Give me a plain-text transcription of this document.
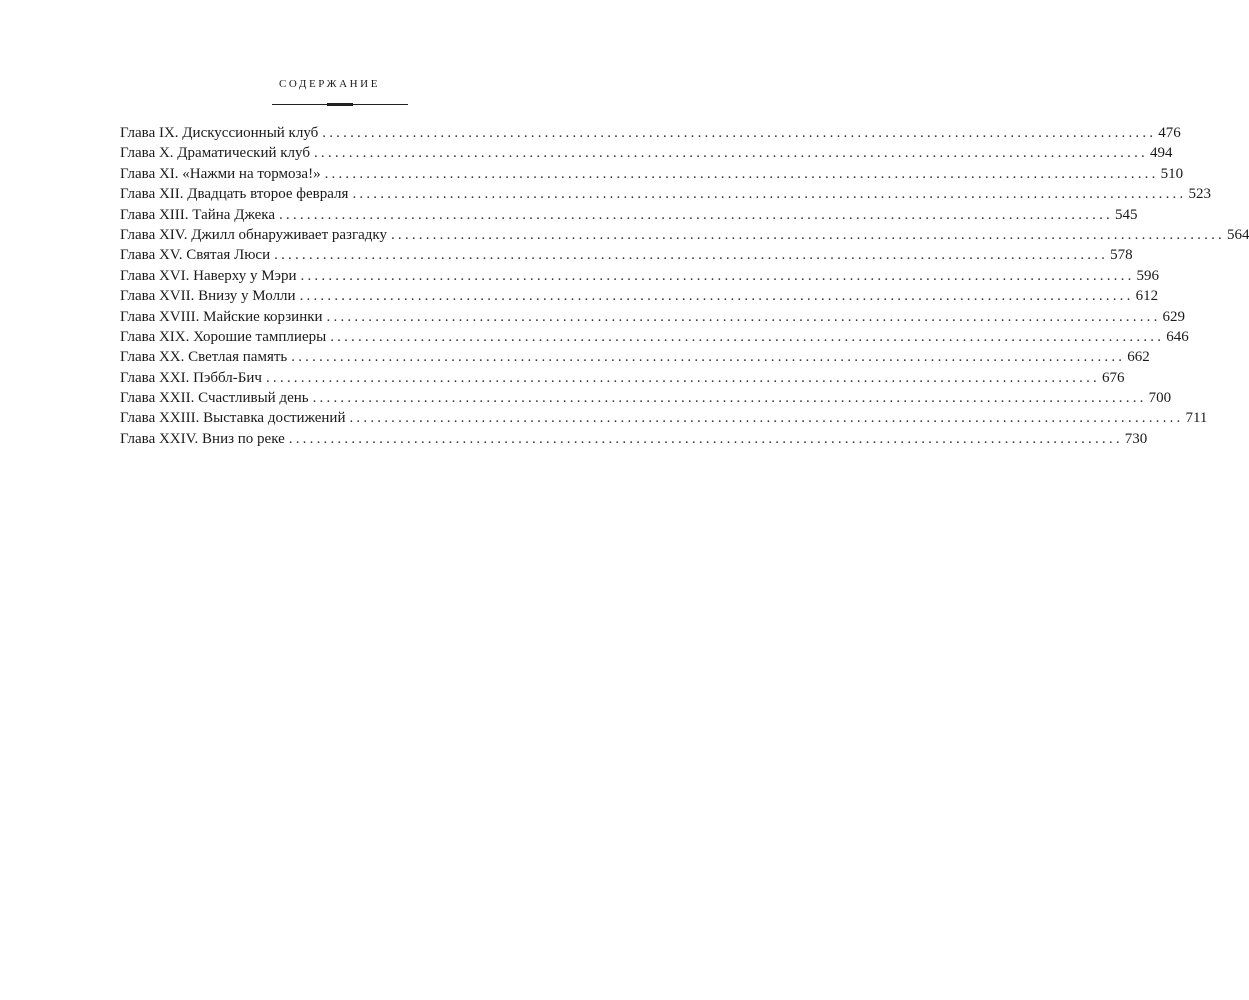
СОДЕРЖАНИЕ
Глава IX. Дискуссионный клуб ........................................................................................................................ 476
Глава X. Драматический клуб ........................................................................................................................ 494
Глава XI. «Нажми на тормоза!» ........................................................................................................................ 510
Глава XII. Двадцать второе февраля ........................................................................................................................ 523
Глава XIII. Тайна Джека ........................................................................................................................ 545
Глава XIV. Джилл обнаруживает разгадку ........................................................................................................................ 564
Глава XV. Святая Люси ........................................................................................................................ 578
Глава XVI. Наверху у Мэри ........................................................................................................................ 596
Глава XVII. Внизу у Молли ........................................................................................................................ 612
Глава XVIII. Майские корзинки ........................................................................................................................ 629
Глава XIX. Хорошие тамплиеры ........................................................................................................................ 646
Глава XX. Светлая память ........................................................................................................................ 662
Глава XXI. Пэббл-Бич ........................................................................................................................ 676
Глава XXII. Счастливый день ........................................................................................................................ 700
Глава XXIII. Выставка достижений ........................................................................................................................ 711
Глава XXIV. Вниз по реке ........................................................................................................................ 730
